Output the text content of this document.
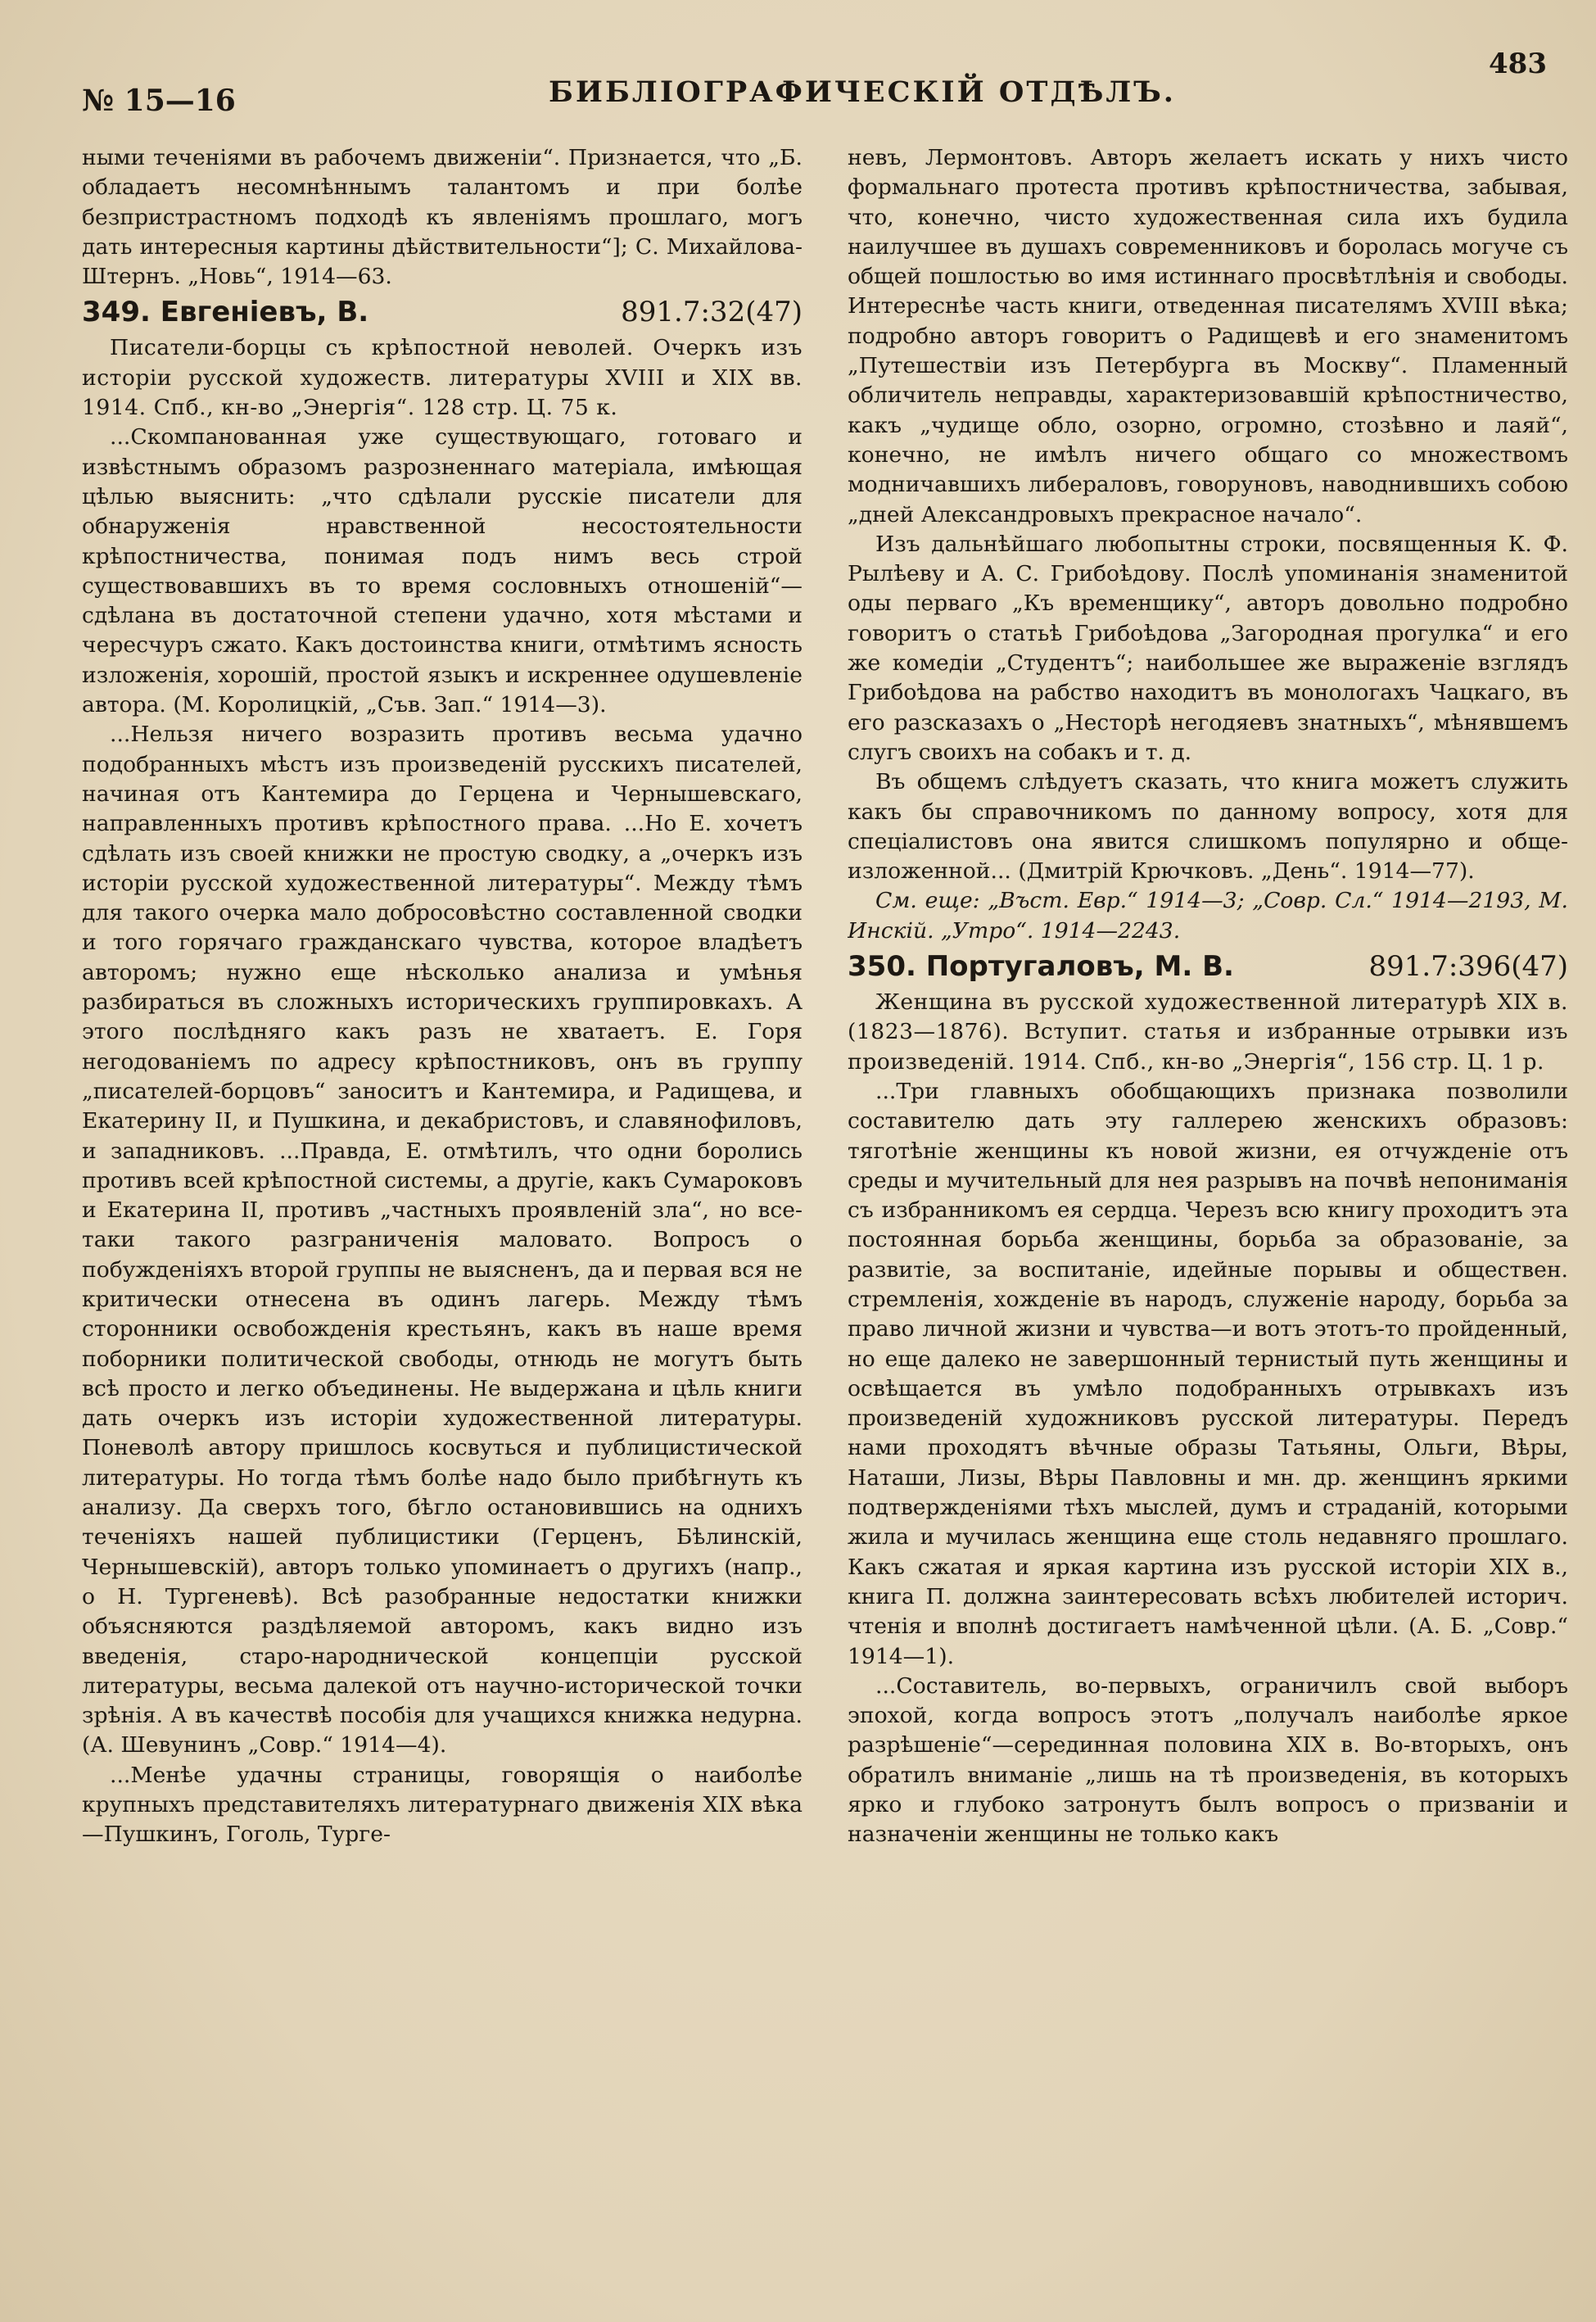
№ 15—16	БИБЛІОГРАФИЧЕСКІЙ ОТДѢЛЪ.
483

ными теченіями въ рабочемъ движеніи“. Признается, что „Б. обладаетъ несомнѣннымъ талантомъ и при болѣе безпристрастномъ подходѣ къ явленіямъ прошлаго, могъ дать интересныя картины дѣйствительности“]; С. Михайлова-Штернъ. „Новь“, 1914—63.

349. Евгеніевъ, В.	891.7:32(47)

Писатели-борцы съ крѣпостной неволей. Очеркъ изъ исторіи русской художеств. литературы XVIII и XIX вв. 1914. Спб., кн-во „Энергія“. 128 стр. Ц. 75 к.

...Скомпанованная уже существующаго, готоваго и извѣстнымъ образомъ разрозненнаго матеріала, имѣющая цѣлью выяснить: „что сдѣлали русскіе писатели для обнаруженія нравственной несостоятельности крѣпостничества, понимая подъ нимъ весь строй существовавшихъ въ то время сословныхъ отношеній“—сдѣлана въ достаточной степени удачно, хотя мѣстами и чересчуръ сжато. Какъ достоинства книги, отмѣтимъ ясность изложенія, хорошій, простой языкъ и искреннее одушевленіе автора. (М. Королицкій, „Съв. Зап.“ 1914—3).

...Нельзя ничего возразить противъ весьма удачно подобранныхъ мѣстъ изъ произведеній русскихъ писателей, начиная отъ Кантемира до Герцена и Чернышевскаго, направленныхъ противъ крѣпостного права. ...Но Е. хочетъ сдѣлать изъ своей книжки не простую сводку, а „очеркъ изъ исторіи русской художественной литературы“. Между тѣмъ для такого очерка мало добросовѣстно составленной сводки и того горячаго гражданскаго чувства, которое владѣетъ авторомъ; нужно еще нѣсколько анализа и умѣнья разбираться въ сложныхъ историческихъ группировкахъ. А этого послѣдняго какъ разъ не хватаетъ. Е. Горя негодованіемъ по адресу крѣпостниковъ, онъ въ группу „писателей-борцовъ“ заноситъ и Кантемира, и Радищева, и Екатерину II, и Пушкина, и декабристовъ, и славянофиловъ, и западниковъ. ...Правда, Е. отмѣтилъ, что одни боролись противъ всей крѣпостной системы, а другіе, какъ Сумароковъ и Екатерина II, противъ „частныхъ проявленій зла“, но все-таки такого разграниченія маловато. Вопросъ о побужденіяхъ второй группы не выясненъ, да и первая вся не критически отнесена въ одинъ лагерь. Между тѣмъ сторонники освобожденія крестьянъ, какъ въ наше время поборники политической свободы, отнюдь не могутъ быть всѣ просто и легко объединены. Не выдержана и цѣль книги дать очеркъ изъ исторіи художественной литературы. Поневолѣ автору пришлось косвуться и публицистической литературы. Но тогда тѣмъ болѣе надо было прибѣгнуть къ анализу. Да сверхъ того, бѣгло остановившись на однихъ теченіяхъ нашей публицистики (Герценъ, Бѣлинскій, Чернышевскій), авторъ только упоминаетъ о другихъ (напр., о Н. Тургеневѣ). Всѣ разобранные недостатки книжки объясняются раздѣляемой авторомъ, какъ видно изъ введенія, старо-народнической концепціи русской литературы, весьма далекой отъ научно-исторической точки зрѣнія. А въ качествѣ пособія для учащихся книжка недурна. (А. Шевунинъ „Совр.“ 1914—4).

...Менѣе удачны страницы, говорящія о наиболѣе крупныхъ представителяхъ литературнаго движенія XIX вѣка—Пушкинъ, Гоголь, Турге-

невъ, Лермонтовъ. Авторъ желаетъ искать у нихъ чисто формальнаго протеста противъ крѣпостничества, забывая, что, конечно, чисто художественная сила ихъ будила наилучшее въ душахъ современниковъ и боролась могуче съ общей пошлостью во имя истиннаго просвѣтлѣнія и свободы. Интереснѣе часть книги, отведенная писателямъ XVIII вѣка; подробно авторъ говоритъ о Радищевѣ и его знаменитомъ „Путешествіи изъ Петербурга въ Москву“. Пламенный обличитель неправды, характеризовавшій крѣпостничество, какъ „чудище обло, озорно, огромно, стозѣвно и лаяй“, конечно, не имѣлъ ничего общаго со множествомъ модничавшихъ либераловъ, говоруновъ, наводнившихъ собою „дней Александровыхъ прекрасное начало“.

Изъ дальнѣйшаго любопытны строки, посвященныя К. Ф. Рылѣеву и А. С. Грибоѣдову. Послѣ упоминанія знаменитой оды перваго „Къ временщику“, авторъ довольно подробно говоритъ о статьѣ Грибоѣдова „Загородная прогулка“ и его же комедіи „Студентъ“; наибольшее же выраженіе взглядъ Грибоѣдова на рабство находитъ въ монологахъ Чацкаго, въ его разсказахъ о „Несторѣ негодяевъ знатныхъ“, мѣнявшемъ слугъ своихъ на собакъ и т. д.

Въ общемъ слѣдуетъ сказать, что книга можетъ служить какъ бы справочникомъ по данному вопросу, хотя для спеціалистовъ она явится слишкомъ популярно и обще-изложенной... (Дмитрій Крючковъ. „День“. 1914—77).

См. еще: „Въст. Евр.“ 1914—3; „Совр. Сл.“ 1914—2193, М. Инскій. „Утро“. 1914—2243.

350. Португаловъ, М. В.	891.7:396(47)

Женщина въ русской художественной литературѣ XIX в. (1823—1876). Вступит. статья и избранные отрывки изъ произведеній. 1914. Спб., кн-во „Энергія“, 156 стр. Ц. 1 р.

...Три главныхъ обобщающихъ признака позволили составителю дать эту галлерею женскихъ образовъ: тяготѣніе женщины къ новой жизни, ея отчужденіе отъ среды и мучительный для нея разрывъ на почвѣ непониманія съ избранникомъ ея сердца. Черезъ всю книгу проходитъ эта постоянная борьба женщины, борьба за образованіе, за развитіе, за воспитаніе, идейные порывы и обществен. стремленія, хожденіе въ народъ, служеніе народу, борьба за право личной жизни и чувства—и вотъ этотъ-то пройденный, но еще далеко не завершонный тернистый путь женщины и освѣщается въ умѣло подобранныхъ отрывкахъ изъ произведеній художниковъ русской литературы. Передъ нами проходятъ вѣчные образы Татьяны, Ольги, Вѣры, Наташи, Лизы, Вѣры Павловны и мн. др. женщинъ яркими подтвержденіями тѣхъ мыслей, думъ и страданій, которыми жила и мучилась женщина еще столь недавняго прошлаго. Какъ сжатая и яркая картина изъ русской исторіи XIX в., книга П. должна заинтересовать всѣхъ любителей историч. чтенія и вполнѣ достигаетъ намѣченной цѣли. (А. Б. „Совр.“ 1914—1).

...Составитель, во-первыхъ, ограничилъ свой выборъ эпохой, когда вопросъ этотъ „получалъ наиболѣе яркое разрѣшеніе“—серединная половина XIX в. Во-вторыхъ, онъ обратилъ вниманіе „лишь на тѣ произведенія, въ которыхъ ярко и глубоко затронутъ былъ вопросъ о призваніи и назначеніи женщины не только какъ
